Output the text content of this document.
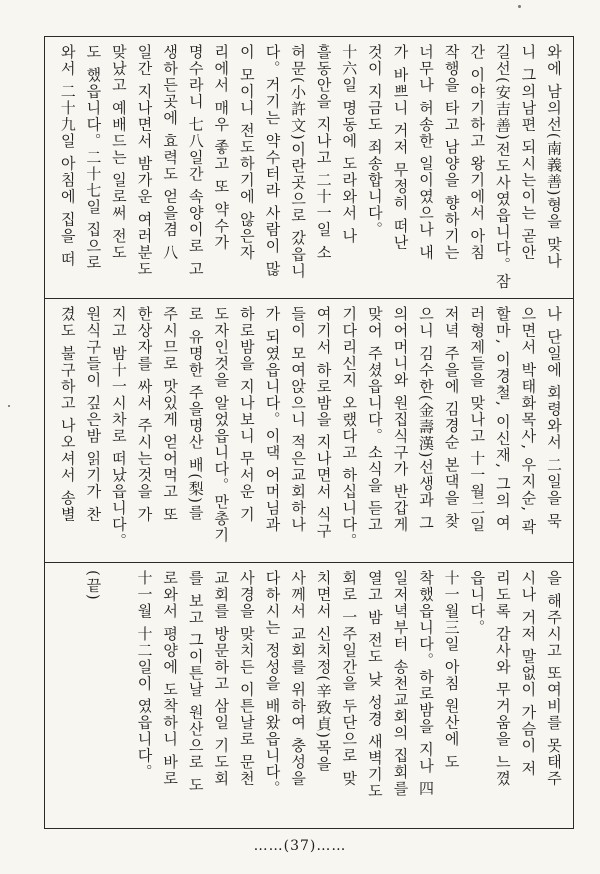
와에 남의선(南義善)형을 맞나
니 그의남편 되시는이는 곧안
길선(安吉善)전도사였읍니다。잠
간 이야기하고 왕기에서 아침
작행을 타고 남양을 향하기는
너무나 허송한 일이였으나 내
가 바쁘니 거저 무정히 떠난
것이 지금도 죄송합니다。
十六일 명동에 도라와서 나
흘동안을 지나고 二十一일 소
허문(小許文)이란곳으로 갔읍니
다。거기는 약수터라 사람이 많
이 모이니 전도하기에 않은자
리에서 매우 좋고 또 약수가
명수라니 七八일간 속양이로 고
생하든곳에 효력도 얻을겸 八
일간 지나면서 밤가운 여러분도
맞났고 예배드는 일로써 전도
도 했읍니다。二十七일 집으로
와서 二十九일 아침에 집을 떠
나 단일에 회령와서 二일을 묵
으면서 박태화목사, 우지순, 곽
할마, 이경철, 이신재, 그의 여
러형제들을 맞나고 十一월二일
저녁 주을에 김경순 본댁을 찾
으니 김수한(金壽漢)선생과 그
의어머니와 원집식구가 반갑게
맞어 주셨읍니다。소식을 듣고
기다리신지 오랬다고 하십니다。
여기서 하로밤을 지나면서 식구
들이 모여앉으니 적은교회하나
가 되였읍니다。이댁 어머님과
하로밤을 지나보니 무서운 기
도자인것을 알었읍니다。만총기
로 유명한 주을명산 배(梨)를
주시므로 맛있게 얻어먹고 또
한상자를 싸서 주시는것을 가
지고 밤十一시차로 떠났읍니다。
원식구들이 깊은밤 읽기가 찬
겼도 불구하고 나오셔서 송별
을 해주시고 또여비를 못태주
시나 거저 말없이 가슴이 저
리도록 감사와 무거움을 느꼈
읍니다。
十一월三일 아침 원산에 도
착했읍니다。하로밤을 지나 四
일저녁부터 송천교회의 집회를
열고 밤 전도 낮 성경 새벽기도
회로 一주일간을 두단으로 맞
치면서 신치정(辛致貞)목을
사께서 교회를 위하여 충성을
다하시는 정성을 배왔읍니다。
사경을 맞치든 이튼날로 문천
교회를 방문하고 삼일 기도회
를 보고 그이튼날 원산으로 도
로와서 평양에 도착하니 바로
十一월 十二일이 였읍니다。
(끝)
……(37)……
